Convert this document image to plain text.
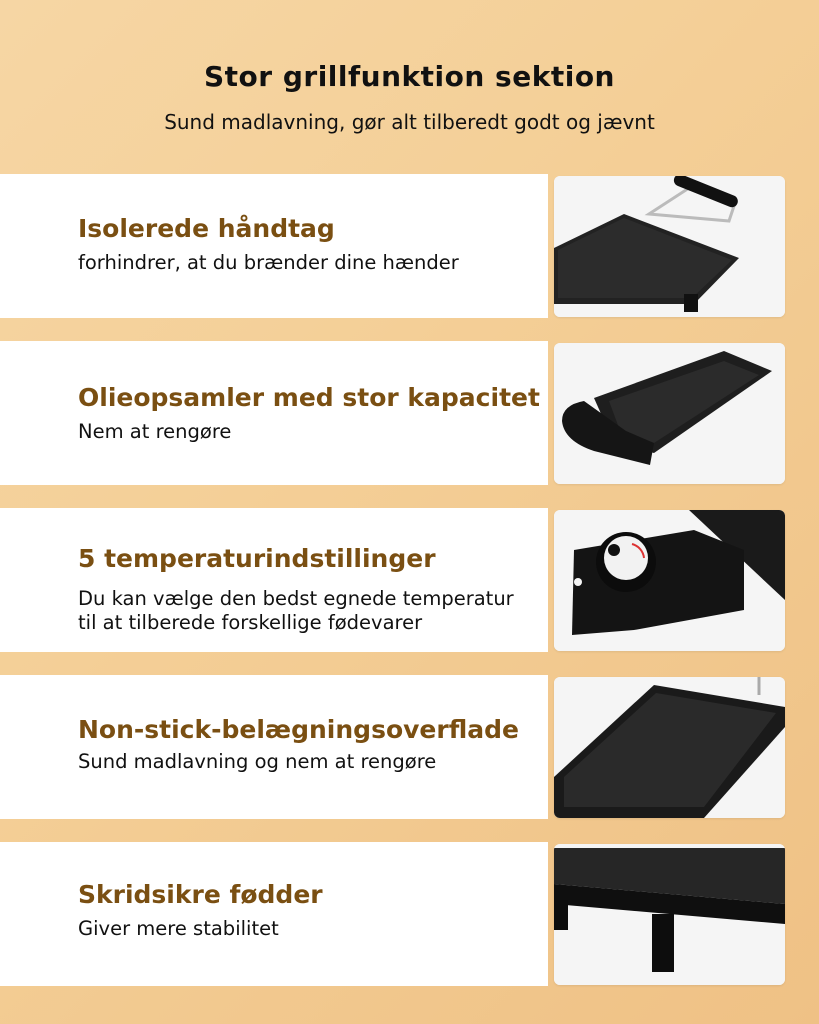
Stor grillfunktion sektion
Sund madlavning, gør alt tilberedt godt og jævnt
Isolerede håndtag
forhindrer, at du brænder dine hænder
Olieopsamler med stor kapacitet
Nem at rengøre
5 temperaturindstillinger
Du kan vælge den bedst egnede temperatur
til at tilberede forskellige fødevarer
Non-stick-belægningsoverflade
Sund madlavning og nem at rengøre
Skridsikre fødder
Giver mere stabilitet
